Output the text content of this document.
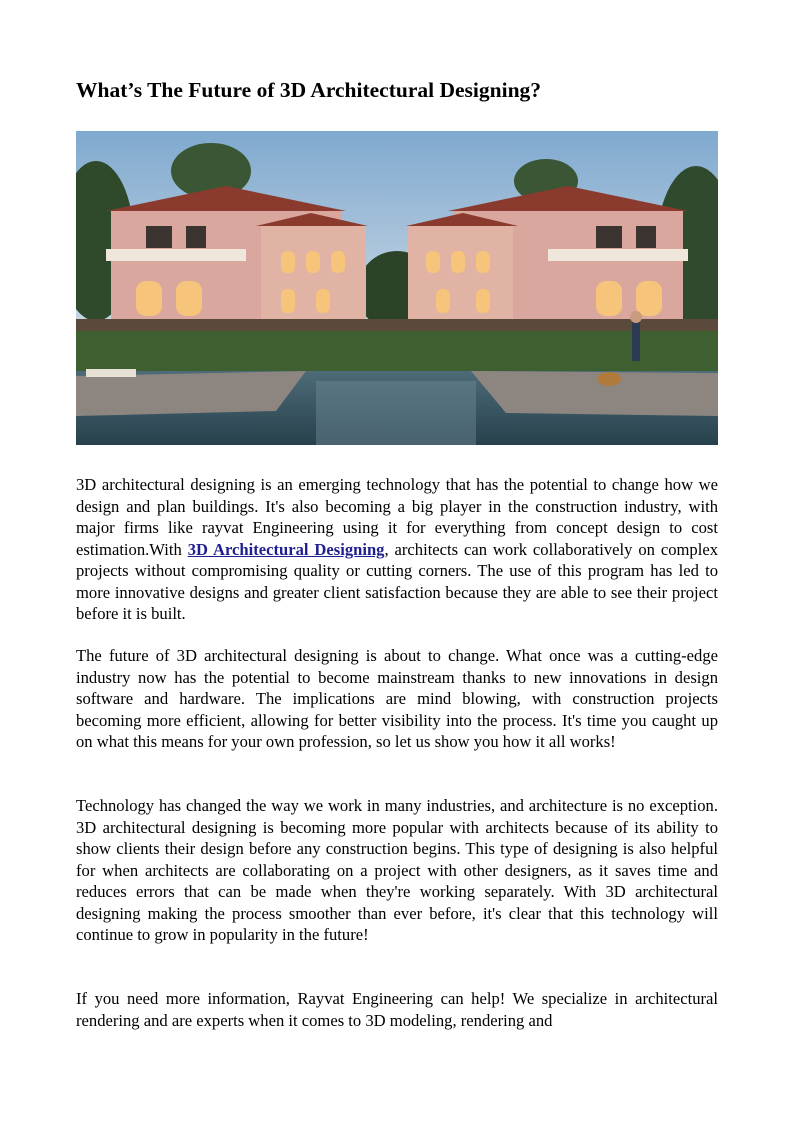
What’s The Future of 3D Architectural Designing?

3D architectural designing is an emerging technology that has the potential to change how we design and plan buildings. It's also becoming a big player in the construction industry, with major firms like rayvat Engineering using it for everything from concept design to cost estimation.With 3D Architectural Designing, architects can work collaboratively on complex projects without compromising quality or cutting corners. The use of this program has led to more innovative designs and greater client satisfaction because they are able to see their project before it is built.

The future of 3D architectural designing is about to change. What once was a cutting-edge industry now has the potential to become mainstream thanks to new innovations in design software and hardware. The implications are mind blowing, with construction projects becoming more efficient, allowing for better visibility into the process. It's time you caught up on what this means for your own profession, so let us show you how it all works!

Technology has changed the way we work in many industries, and architecture is no exception. 3D architectural designing is becoming more popular with architects because of its ability to show clients their design before any construction begins. This type of designing is also helpful for when architects are collaborating on a project with other designers, as it saves time and reduces errors that can be made when they're working separately. With 3D architectural designing making the process smoother than ever before, it's clear that this technology will continue to grow in popularity in the future!

If you need more information, Rayvat Engineering can help! We specialize in architectural rendering and are experts when it comes to 3D modeling, rendering and
